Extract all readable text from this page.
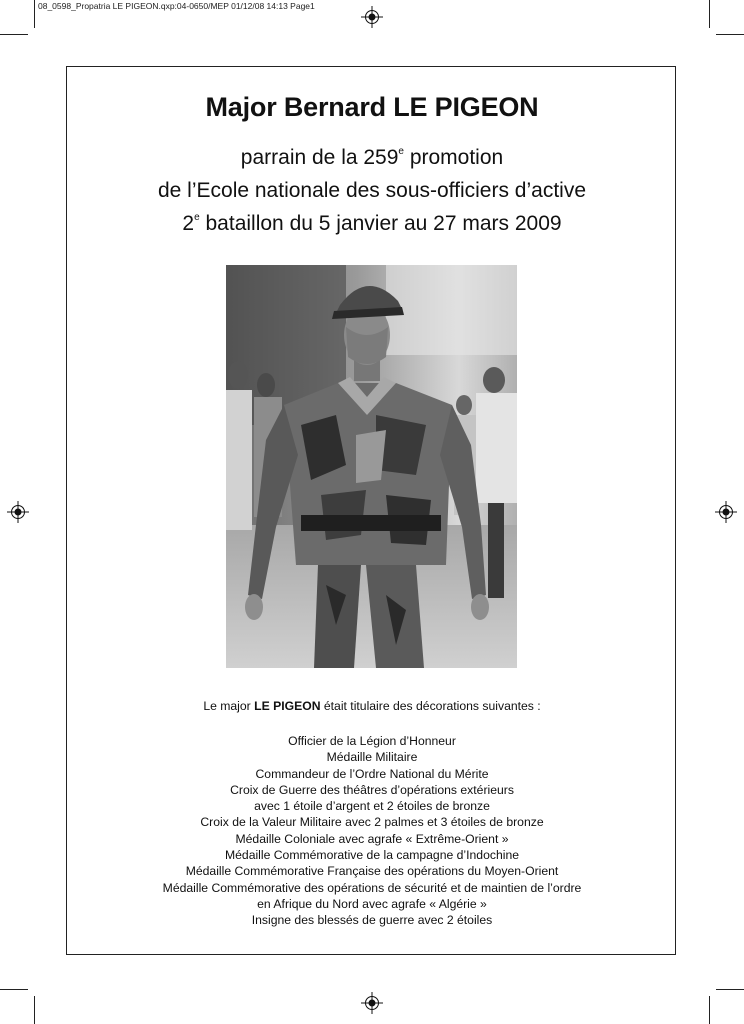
08_0598_Propatria LE PIGEON.qxp:04-0650/MEP 01/12/08 14:13 Page1
Major Bernard LE PIGEON
parrain de la 259e promotion
de l’Ecole nationale des sous-officiers d’active
2e bataillon du 5 janvier au 27 mars 2009
Le major LE PIGEON était titulaire des décorations suivantes :
Officier de la Légion d’Honneur
Médaille Militaire
Commandeur de l’Ordre National du Mérite
Croix de Guerre des théâtres d’opérations extérieurs
avec 1 étoile d’argent et 2 étoiles de bronze
Croix de la Valeur Militaire avec 2 palmes et 3 étoiles de bronze
Médaille Coloniale avec agrafe « Extrême-Orient »
Médaille Commémorative de la campagne d’Indochine
Médaille Commémorative Française des opérations du Moyen-Orient
Médaille Commémorative des opérations de sécurité et de maintien de l’ordre
en Afrique du Nord avec agrafe « Algérie »
Insigne des blessés de guerre avec 2 étoiles
